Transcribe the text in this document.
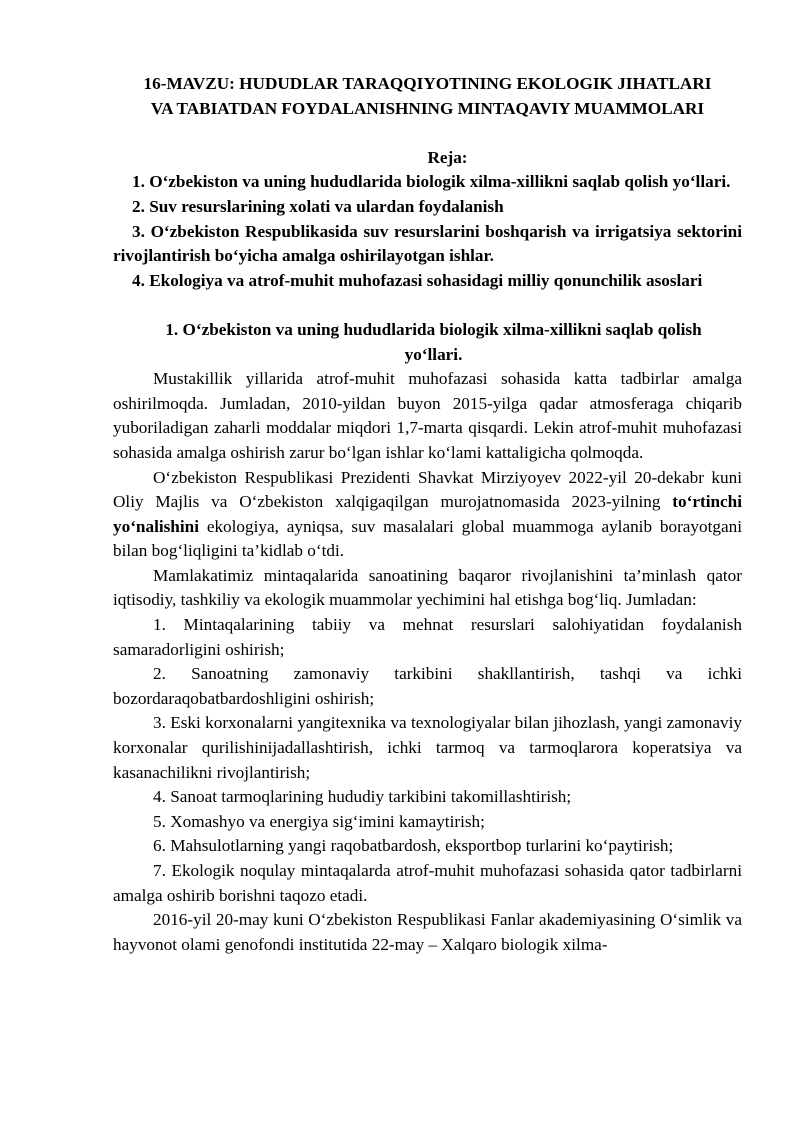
16-MAVZU: HUDUDLAR TARAQQIYOTINING EKOLOGIK JIHATLARI
VA TABIATDAN FOYDALANISHNING MINTAQAVIY MUAMMOLARI

Reja:

1. O‘zbekiston va uning hududlarida biologik xilma-xillikni saqlab qolish yo‘llari.

2. Suv resurslarining xolati va ulardan foydalanish

3. O‘zbekiston Respublikasida suv resurslarini boshqarish va irrigatsiya sektorini rivojlantirish bo‘yicha amalga oshirilayotgan ishlar.

4. Ekologiya va atrof-muhit muhofazasi sohasidagi milliy qonunchilik asoslari

1. O‘zbekiston va uning hududlarida biologik xilma-xillikni saqlab qolish
yo‘llari.

Mustakillik yillarida atrof-muhit muhofazasi sohasida katta tadbirlar amalga oshirilmoqda. Jumladan, 2010-yildan buyon 2015-yilga qadar atmosferaga chiqarib yuboriladigan zaharli moddalar miqdori 1,7-marta qisqardi. Lekin atrof-muhit muhofazasi sohasida amalga oshirish zarur bo‘lgan ishlar ko‘lami kattaligicha qolmoqda.

O‘zbekiston Respublikasi Prezidenti Shavkat Mirziyoyev 2022-yil 20-dekabr kuni Oliy Majlis va O‘zbekiston xalqigaqilgan murojatnomasida 2023-yilning to‘rtinchi yo‘nalishini ekologiya, ayniqsa, suv masalalari global muammoga aylanib borayotgani bilan bog‘liqligini ta’kidlab o‘tdi.

Mamlakatimiz mintaqalarida sanoatining baqaror rivojlanishini ta’minlash qator iqtisodiy, tashkiliy va ekologik muammolar yechimini hal etishga bog‘liq. Jumladan:

1. Mintaqalarining tabiiy va mehnat resurslari salohiyatidan foydalanish samaradorligini oshirish;

2. Sanoatning zamonaviy tarkibini shakllantirish, tashqi va ichki bozordaraqobatbardoshligini oshirish;

3. Eski korxonalarni yangitexnika va texnologiyalar bilan jihozlash, yangi zamonaviy korxonalar qurilishinijadallashtirish, ichki tarmoq va tarmoqlarora koperatsiya va kasanachilikni rivojlantirish;

4. Sanoat tarmoqlarining hududiy tarkibini takomillashtirish;

5. Xomashyo va energiya sig‘imini kamaytirish;

6. Mahsulotlarning yangi raqobatbardosh, eksportbop turlarini ko‘paytirish;

7. Ekologik noqulay mintaqalarda atrof-muhit muhofazasi sohasida qator tadbirlarni amalga oshirib borishni taqozo etadi.

2016-yil 20-may kuni O‘zbekiston Respublikasi Fanlar akademiyasining O‘simlik va hayvonot olami genofondi institutida 22-may – Xalqaro biologik xilma-
